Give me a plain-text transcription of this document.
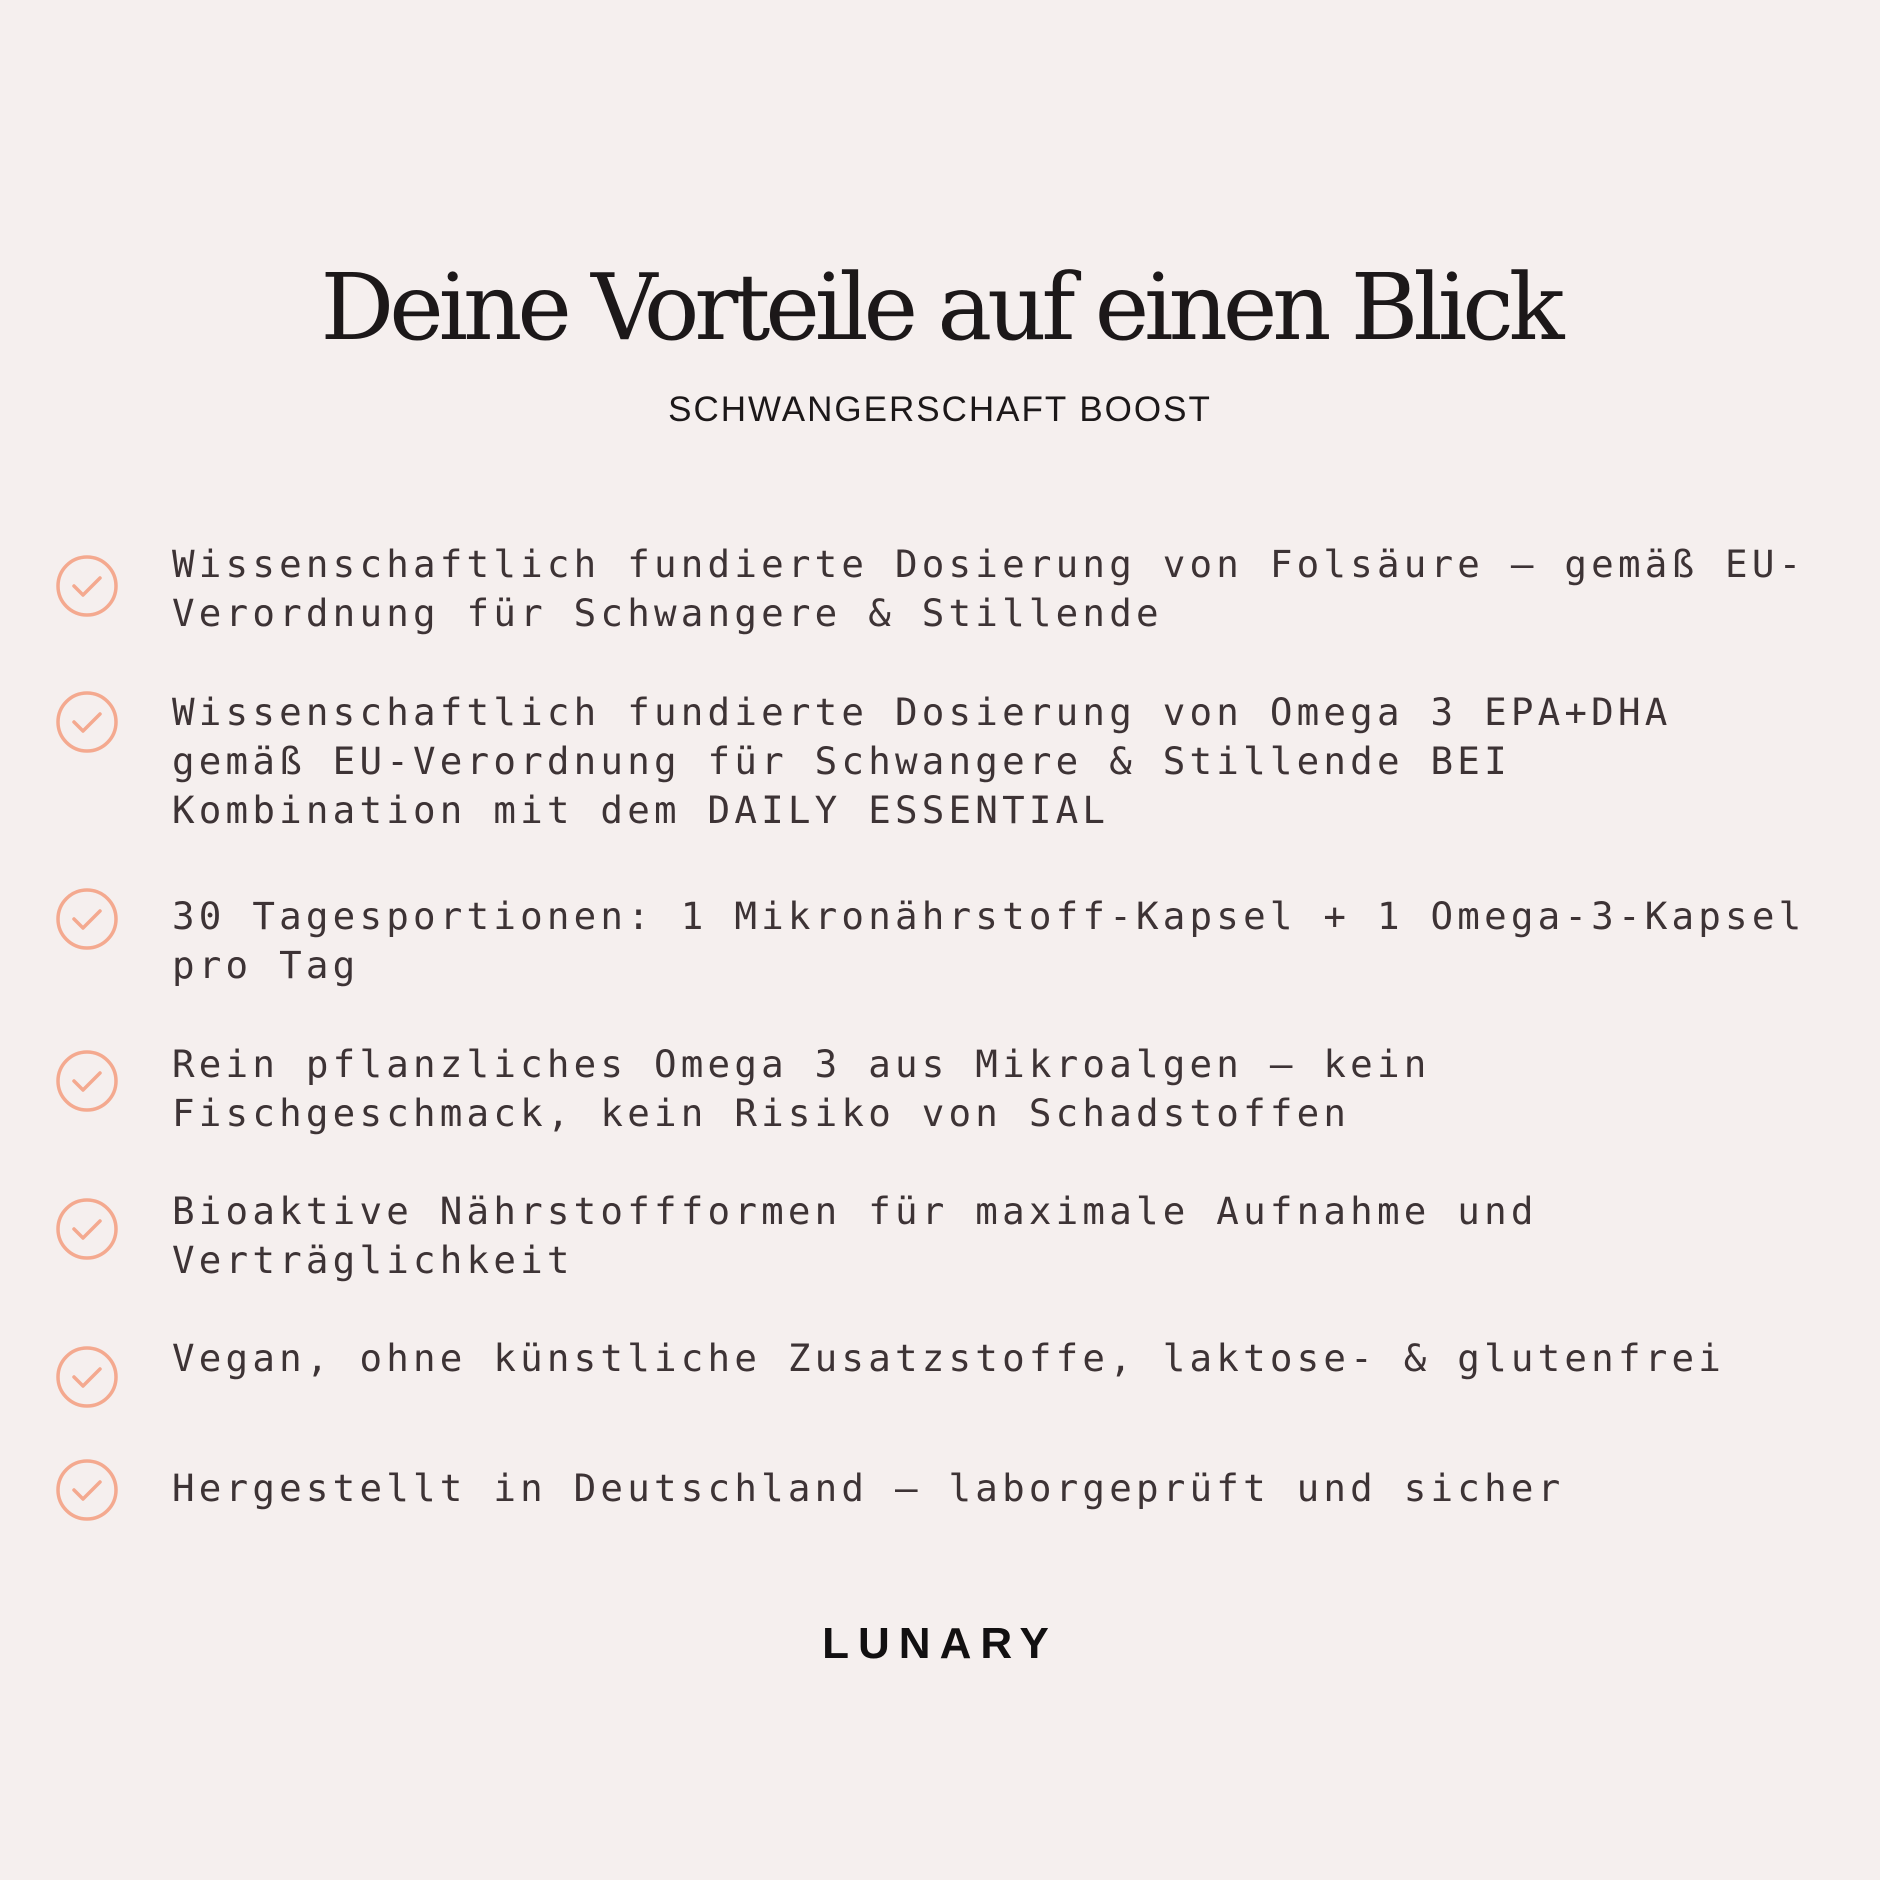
Deine Vorteile auf einen Blick
SCHWANGERSCHAFT BOOST

Wissenschaftlich fundierte Dosierung von Folsäure – gemäß EU-Verordnung für Schwangere & Stillende

Wissenschaftlich fundierte Dosierung von Omega 3 EPA+DHA gemäß EU-Verordnung für Schwangere & Stillende BEI Kombination mit dem DAILY ESSENTIAL

30 Tagesportionen: 1 Mikronährstoff-Kapsel + 1 Omega-3-Kapsel pro Tag

Rein pflanzliches Omega 3 aus Mikroalgen – kein Fischgeschmack, kein Risiko von Schadstoffen

Bioaktive Nährstoffformen für maximale Aufnahme und Verträglichkeit

Vegan, ohne künstliche Zusatzstoffe, laktose- & glutenfrei

Hergestellt in Deutschland – laborgeprüft und sicher

LUNARY
